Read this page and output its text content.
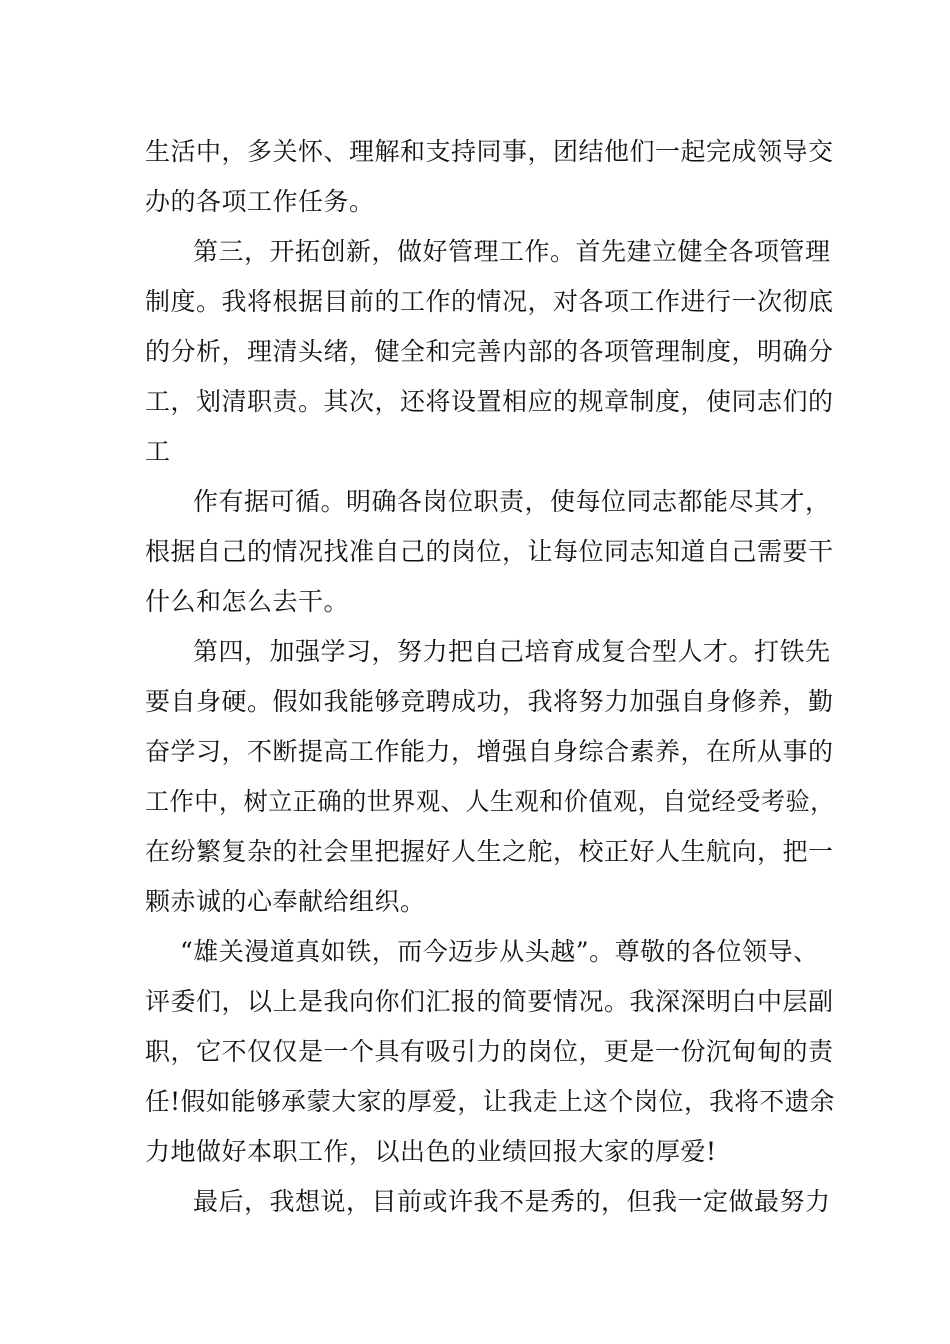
生活中，多关怀、理解和支持同事，团结他们一起完成领导交

办的各项工作任务。

第三，开拓创新，做好管理工作。首先建立健全各项管理

制度。我将根据目前的工作的情况，对各项工作进行一次彻底

的分析，理清头绪，健全和完善内部的各项管理制度，明确分

工，划清职责。其次，还将设置相应的规章制度，使同志们的

工

作有据可循。明确各岗位职责，使每位同志都能尽其才，

根据自己的情况找准自己的岗位，让每位同志知道自己需要干

什么和怎么去干。

第四，加强学习，努力把自己培育成复合型人才。打铁先

要自身硬。假如我能够竞聘成功，我将努力加强自身修养，勤

奋学习，不断提高工作能力，增强自身综合素养，在所从事的

工作中，树立正确的世界观、人生观和价值观，自觉经受考验，

在纷繁复杂的社会里把握好人生之舵，校正好人生航向，把一

颗赤诚的心奉献给组织。

“雄关漫道真如铁，而今迈步从头越”。尊敬的各位领导、

评委们，以上是我向你们汇报的简要情况。我深深明白中层副

职，它不仅仅是一个具有吸引力的岗位，更是一份沉甸甸的责

任!假如能够承蒙大家的厚爱，让我走上这个岗位，我将不遗余

力地做好本职工作，以出色的业绩回报大家的厚爱!

最后，我想说，目前或许我不是秀的，但我一定做最努力
